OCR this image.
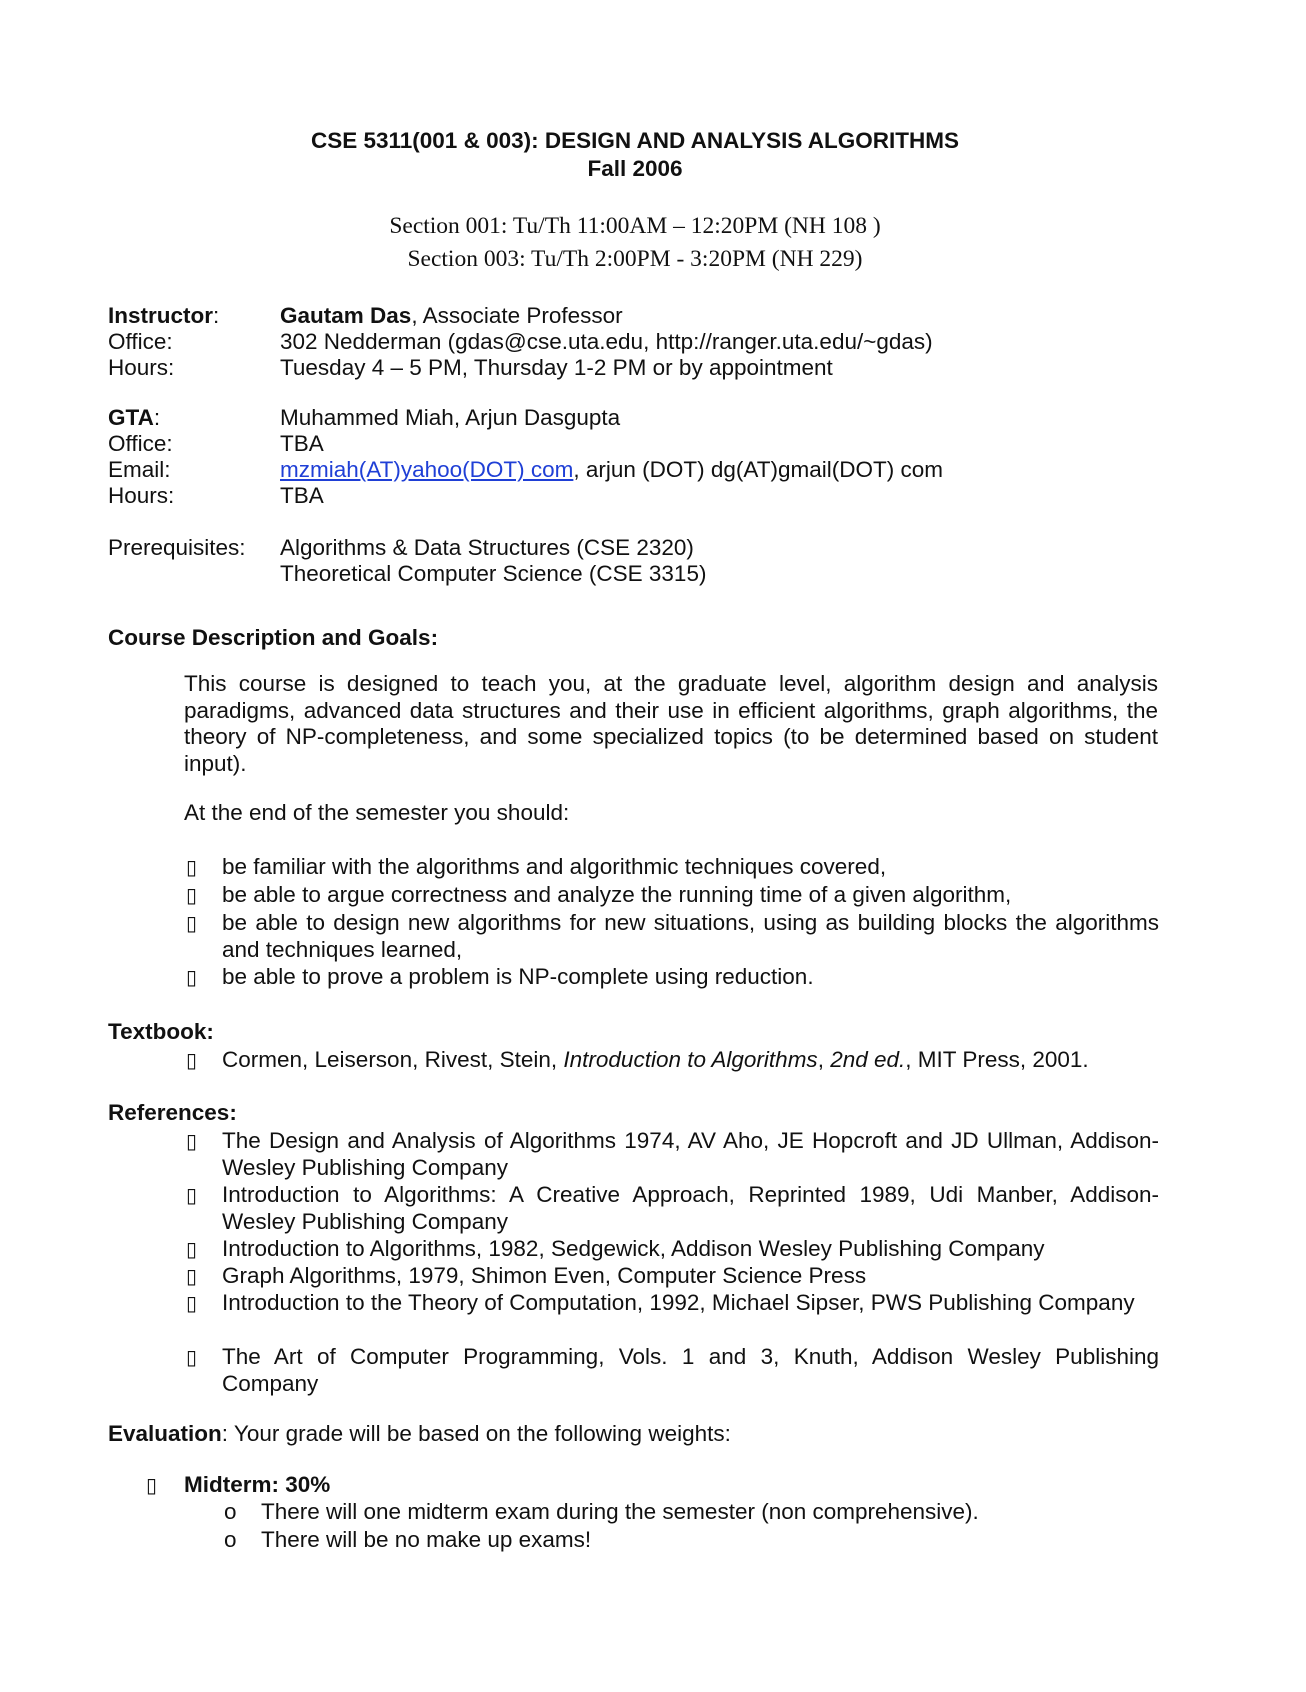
CSE 5311(001 & 003): DESIGN AND ANALYSIS ALGORITHMS
Fall 2006
Section 001: Tu/Th 11:00AM – 12:20PM (NH 108 )
Section 003: Tu/Th 2:00PM - 3:20PM (NH 229)
Instructor:	Gautam Das, Associate Professor
Office:	302 Nedderman (gdas@cse.uta.edu, http://ranger.uta.edu/~gdas)
Hours:	Tuesday 4 – 5 PM, Thursday 1-2 PM or by appointment
GTA:	Muhammed Miah, Arjun Dasgupta
Office:	TBA
Email:	mzmiah(AT)yahoo(DOT) com, arjun (DOT) dg(AT)gmail(DOT) com
Hours:	TBA
Prerequisites: Algorithms & Data Structures (CSE 2320)
Theoretical Computer Science (CSE 3315)
Course Description and Goals:
This course is designed to teach you, at the graduate level, algorithm design and analysis paradigms, advanced data structures and their use in efficient algorithms, graph algorithms, the theory of NP-completeness, and some specialized topics (to be determined based on student input).
At the end of the semester you should:
▯ be familiar with the algorithms and algorithmic techniques covered,
▯ be able to argue correctness and analyze the running time of a given algorithm,
▯ be able to design new algorithms for new situations, using as building blocks the algorithms and techniques learned,
▯ be able to prove a problem is NP-complete using reduction.
Textbook:
▯ Cormen, Leiserson, Rivest, Stein, Introduction to Algorithms, 2nd ed., MIT Press, 2001.
References:
▯ The Design and Analysis of Algorithms 1974, AV Aho, JE Hopcroft and JD Ullman, Addison-Wesley Publishing Company
▯ Introduction to Algorithms: A Creative Approach, Reprinted 1989, Udi Manber, Addison-Wesley Publishing Company
▯ Introduction to Algorithms, 1982, Sedgewick, Addison Wesley Publishing Company
▯ Graph Algorithms, 1979, Shimon Even, Computer Science Press
▯ Introduction to the Theory of Computation, 1992, Michael Sipser, PWS Publishing Company
▯ The Art of Computer Programming, Vols. 1 and 3, Knuth, Addison Wesley Publishing Company
Evaluation: Your grade will be based on the following weights:
▯ Midterm: 30%
o There will one midterm exam during the semester (non comprehensive).
o There will be no make up exams!
